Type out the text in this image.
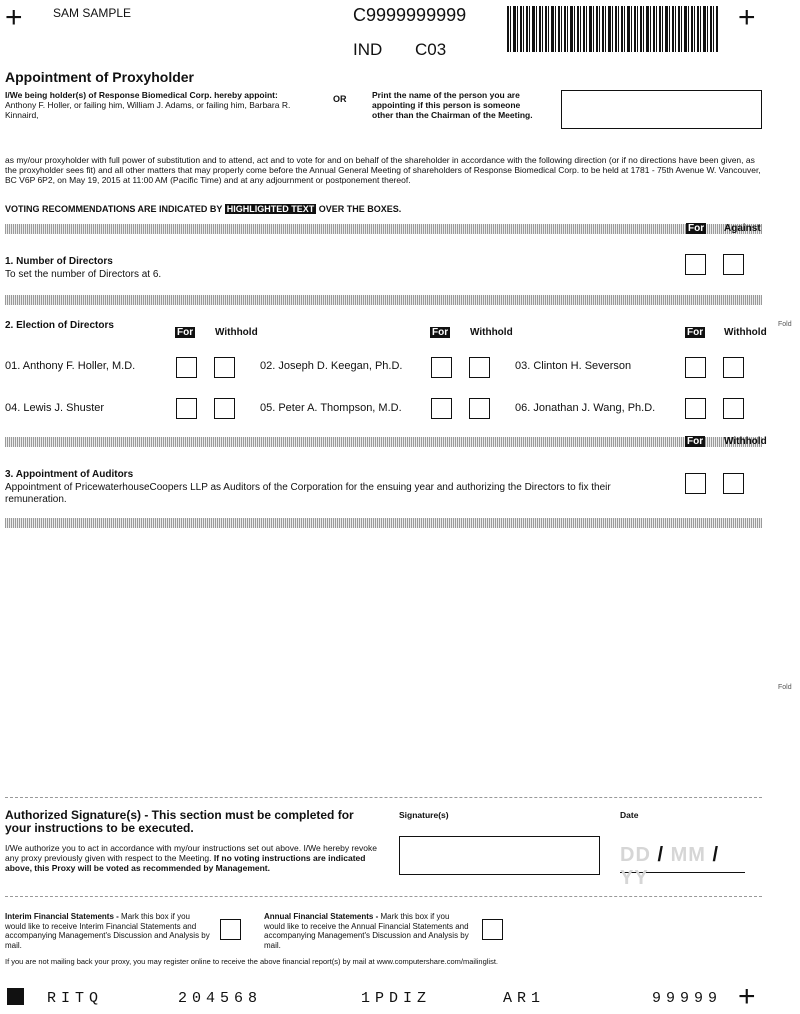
+	SAM SAMPLE	C9999999999
IND C03
+
Appointment of Proxyholder
I/We being holder(s) of Response Biomedical Corp. hereby appoint:
Anthony F. Holler, or failing him, William J. Adams, or failing him, Barbara R. Kinnaird,
OR	Print the name of the person you are appointing if this person is someone other than the Chairman of the Meeting.
as my/our proxyholder with full power of substitution and to attend, act and to vote for and on behalf of the shareholder in accordance with the following direction (or if no directions have been given, as the proxyholder sees fit) and all other matters that may properly come before the Annual General Meeting of shareholders of Response Biomedical Corp. to be held at 1781 - 75th Avenue W. Vancouver, BC V6P 6P2, on May 19, 2015 at 11:00 AM (Pacific Time) and at any adjournment or postponement thereof.
VOTING RECOMMENDATIONS ARE INDICATED BY HIGHLIGHTED TEXT OVER THE BOXES.
For Against
1. Number of Directors
To set the number of Directors at 6.
2. Election of Directors
For Withhold	For Withhold	For Withhold
01. Anthony F. Holler, M.D.	02. Joseph D. Keegan, Ph.D.	03. Clinton H. Severson
04. Lewis J. Shuster	05. Peter A. Thompson, M.D.	06. Jonathan J. Wang, Ph.D.
For Withhold
3. Appointment of Auditors
Appointment of PricewaterhouseCoopers LLP as Auditors of the Corporation for the ensuing year and authorizing the Directors to fix their remuneration.
Fold
Fold
Authorized Signature(s) - This section must be completed for your instructions to be executed.
I/We authorize you to act in accordance with my/our instructions set out above. I/We hereby revoke any proxy previously given with respect to the Meeting. If no voting instructions are indicated above, this Proxy will be voted as recommended by Management.
Signature(s)	Date
DD / MM / YY
Interim Financial Statements - Mark this box if you would like to receive Interim Financial Statements and accompanying Management's Discussion and Analysis by mail.
Annual Financial Statements - Mark this box if you would like to receive the Annual Financial Statements and accompanying Management's Discussion and Analysis by mail.
If you are not mailing back your proxy, you may register online to receive the above financial report(s) by mail at www.computershare.com/mailinglist.
RITQ	204568	1PDIZ	AR1	99999 +
